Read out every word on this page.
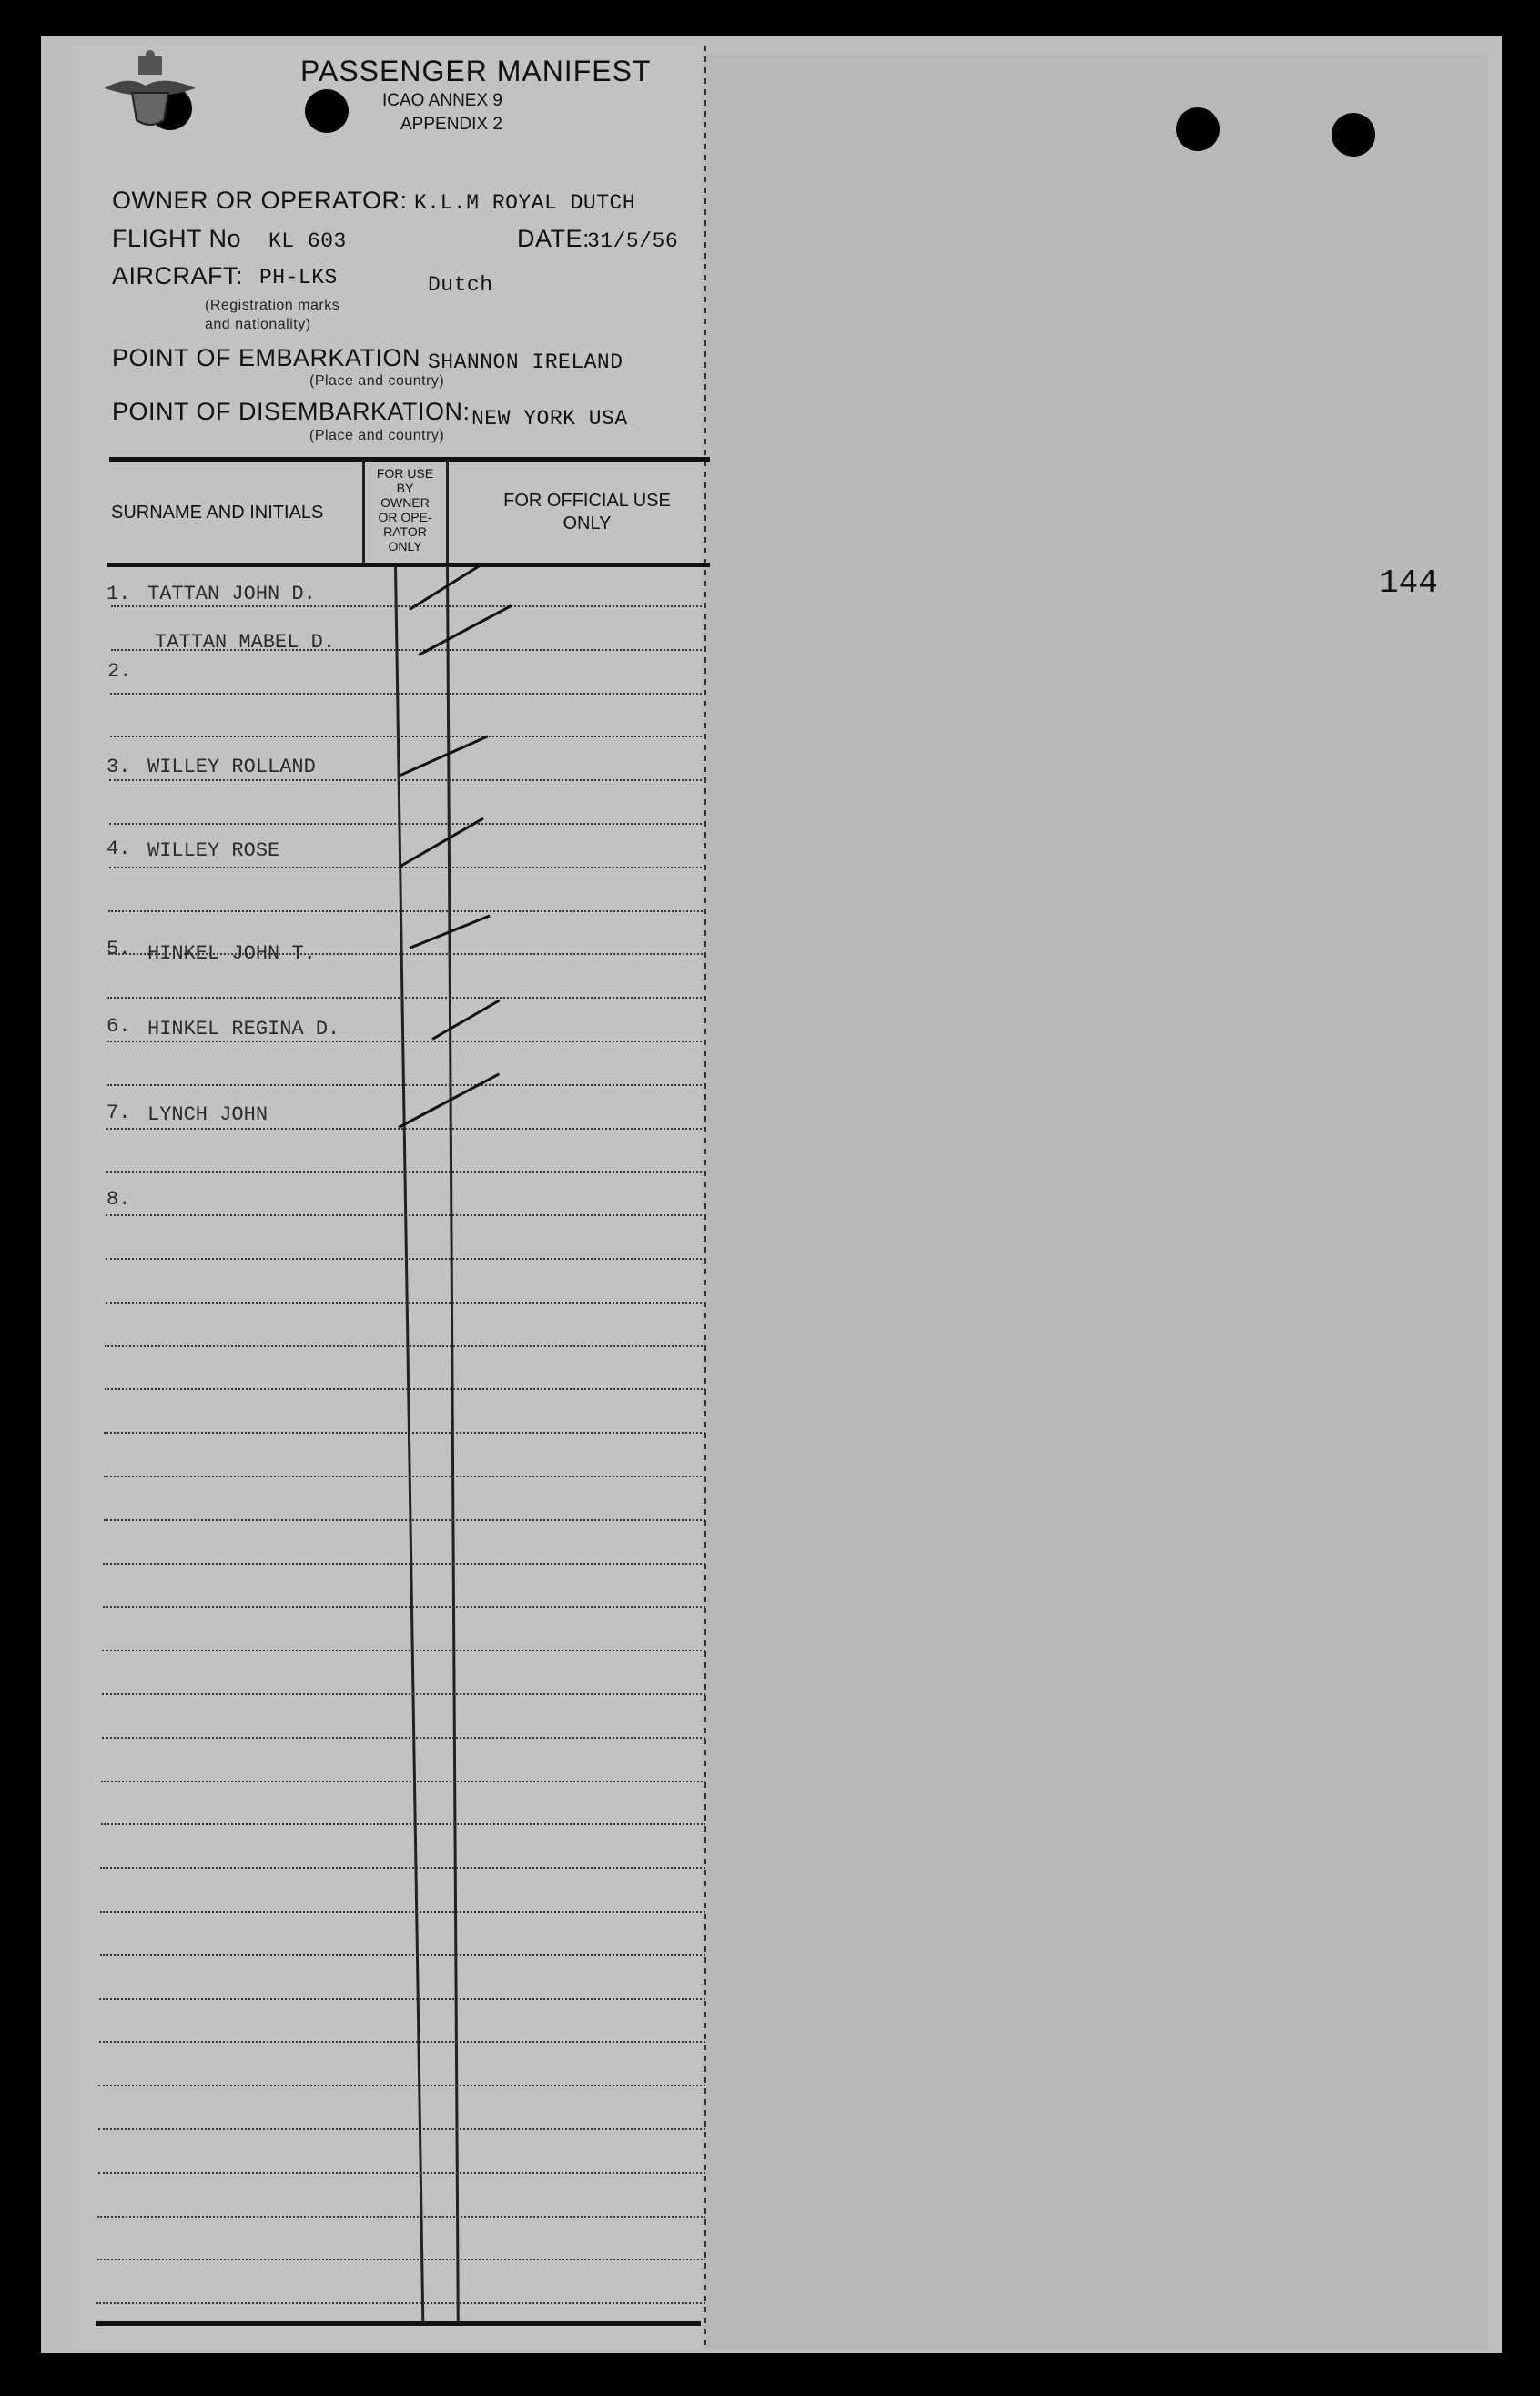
PASSENGER MANIFEST
ICAO ANNEX 9
APPENDIX 2
OWNER OR OPERATOR: K.L.M ROYAL DUTCH
FLIGHT No KL 603	DATE:
31/5/56
AIRCRAFT: PH-LKS	Dutch
(Registration marks
and nationality)
POINT OF EMBARKATION SHANNON IRELAND
(Place and country)
POINT OF DISEMBARKATION: NEW YORK USA
(Place and country)
SURNAME AND INITIALS
FOR USE
BY
OWNER
OR OPE-
RATOR
ONLY
FOR OFFICIAL USE
ONLY
1. TATTAN JOHN D.
2.
TATTAN MABEL D.
3. WILLEY ROLLAND
4. WILLEY ROSE
5. HINKEL JOHN T.
6. HINKEL REGINA D.
7. LYNCH JOHN
8.
144
